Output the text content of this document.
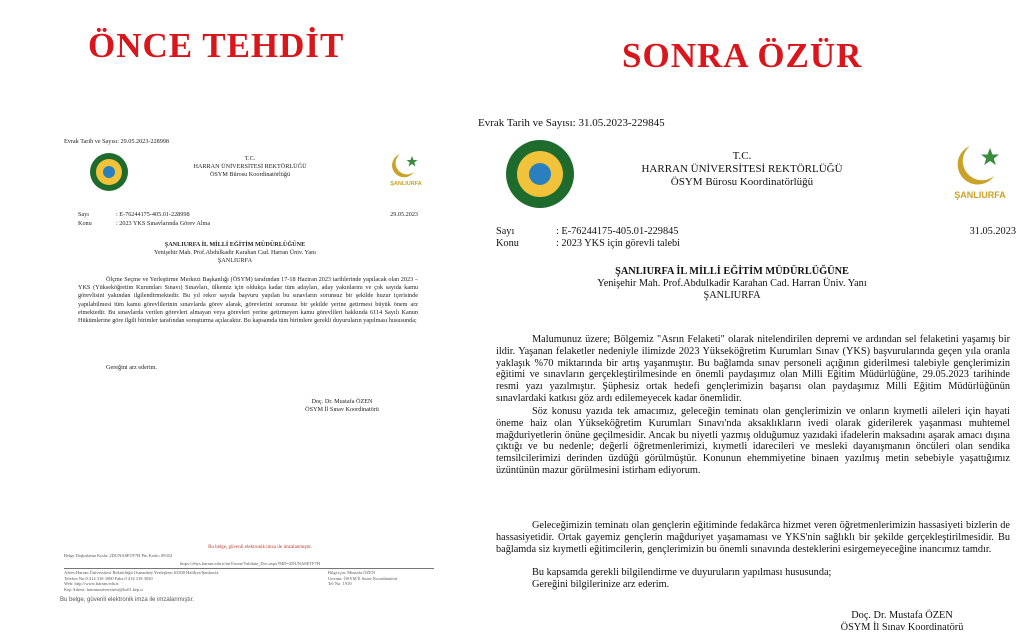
ÖNCE TEHDİT	SONRA ÖZÜR
Evrak Tarih ve Sayısı: 29.05.2023-228998
T.C.
HARRAN ÜNİVERSİTESİ REKTÖRLÜĞÜ
ÖSYM Bürosu Koordinatörlüğü
ŞANLIURFA
Sayı	: E-76244175-405.01-228998	29.05.2023
Konu	: 2023 YKS Sınavlarında Görev Alma
ŞANLIURFA İL MİLLİ EĞİTİM MÜDÜRLÜĞÜNE
Yenişehir Mah. Prof.Abdulkadir Karahan Cad. Harran Üniv. Yanı
ŞANLIURFA

Ölçme Seçme ve Yerleştirme Merkezi Başkanlığı (ÖSYM) tarafından 17-18 Haziran 2023 tarihlerinde yapılacak olan 2023 – YKS (Yükseköğretim Kurumları Sınavı) Sınavları, ülkemiz için oldukça kadar tüm adayları, aday yakınlarını ve çok sayıda kamu görevlisini yakından ilgilendirmektedir. Bu yıl rekor sayıda başvuru yapılan bu sınavların sorunsuz bir şekilde huzur içerisinde yapılabilmesi tüm kamu görevlilerinin sınavlarda görev alarak, görevlerini sorunsuz bir şekilde yerine getirmesi büyük önem arz etmektedir. Bu sınavlarda verilen görevleri almayan veya görevleri yerine getirmeyen kamu görevlileri hakkında 6114 Sayılı Kanun Hükümlerine göre ilgili birimler tarafından soruşturma açılacaktır. Bu kapsamda tüm birimlere gerekli duyuruların yapılması hususunda;

Gereğini arz ederim.
Doç. Dr. Mustafa ÖZEN
ÖSYM İl Sınav Koordinatörü
Bu belge, güvenli elektronik imza ile imzalanmıştır.
Belge Doğrulama Kodu: 2DUNA8ETF7H Pin Kodu: 09352
https://ebys.harran.edu.tr/enVision/Validate_Doc.aspx?MD=2DUNA8ETF7H
Adres:Harran Üniversitesi Rektörlüğü Osmanbey Yerleşkesi 63300 Haliliye/Şanlıurfa
Telefon No:0 414 318 3000 Faks:0 414 318 3030
Web: http://www.harran.edu.tr
Kep Adresi: harranuniversitesi@hs01.kep.tr
Bilgi için: Mustafa ÖZEN
Unvanı: ÖSYM İl Sınav Koordinatörü
Tel No: 1910
Bu belge, güvenli elektronik imza ile imzalanmıştır.
Evrak Tarih ve Sayısı: 31.05.2023-229845
T.C.
HARRAN ÜNİVERSİTESİ REKTÖRLÜĞÜ
ÖSYM Bürosu Koordinatörlüğü
ŞANLIURFA
Sayı	: E-76244175-405.01-229845	31.05.2023
Konu	: 2023 YKS için görevli talebi
ŞANLIURFA İL MİLLİ EĞİTİM MÜDÜRLÜĞÜNE
Yenişehir Mah. Prof.Abdulkadir Karahan Cad. Harran Üniv. Yanı
ŞANLIURFA

Malumunuz üzere; Bölgemiz "Asrın Felaketi" olarak nitelendirilen depremi ve ardından sel felaketini yaşamış bir ildir. Yaşanan felaketler nedeniyle ilimizde 2023 Yükseköğretim Kurumları Sınav (YKS) başvurularında geçen yıla oranla yaklaşık %70 miktarında bir artış yaşanmıştır. Bu bağlamda sınav personeli açığının giderilmesi talebiyle gençlerimizin eğitimi ve sınavların gerçekleştirilmesinde en önemli paydaşımız olan Milli Eğitim Müdürlüğüne, 29.05.2023 tarihinde resmi yazı yazılmıştır. Şüphesiz ortak hedefi gençlerimizin başarısı olan paydaşımız Milli Eğitim Müdürlüğünün sınavlardaki katkısı göz ardı edilemeyecek kadar önemlidir.

Söz konusu yazıda tek amacımız, geleceğin teminatı olan gençlerimizin ve onların kıymetli aileleri için hayati öneme haiz olan Yükseköğretim Kurumları Sınavı'nda aksaklıkların ivedi olarak giderilerek yaşanması muhtemel mağduriyetlerin önüne geçilmesidir. Ancak bu niyetli yazmış olduğumuz yazıdaki ifadelerin maksadını aşarak amacı dışına çıktığı ve bu nedenle; değerli öğretmenlerimizi, kıymetli idarecileri ve mesleki dayanışmanın öncüleri olan sendika temsilcilerimizi derinden üzdüğü görülmüştür. Konunun ehemmiyetine binaen yazılmış metin sebebiyle yaşattığımız üzüntünün mazur görülmesini istirham ediyorum.

Geleceğimizin teminatı olan gençlerin eğitiminde fedakârca hizmet veren öğretmenlerimizin hassasiyeti bizlerin de hassasiyetidir. Ortak gayemiz gençlerin mağduriyet yaşamaması ve YKS'nin sağlıklı bir şekilde gerçekleştirilmesidir. Bu bağlamda siz kıymetli eğitimcilerin, gençlerimizin bu önemli sınavında desteklerini esirgemeyeceğine inancımız tamdır.

Bu kapsamda gerekli bilgilendirme ve duyuruların yapılması hususunda;
Gereğini bilgilerinize arz ederim.
Doç. Dr. Mustafa ÖZEN
ÖSYM İl Sınav Koordinatörü
